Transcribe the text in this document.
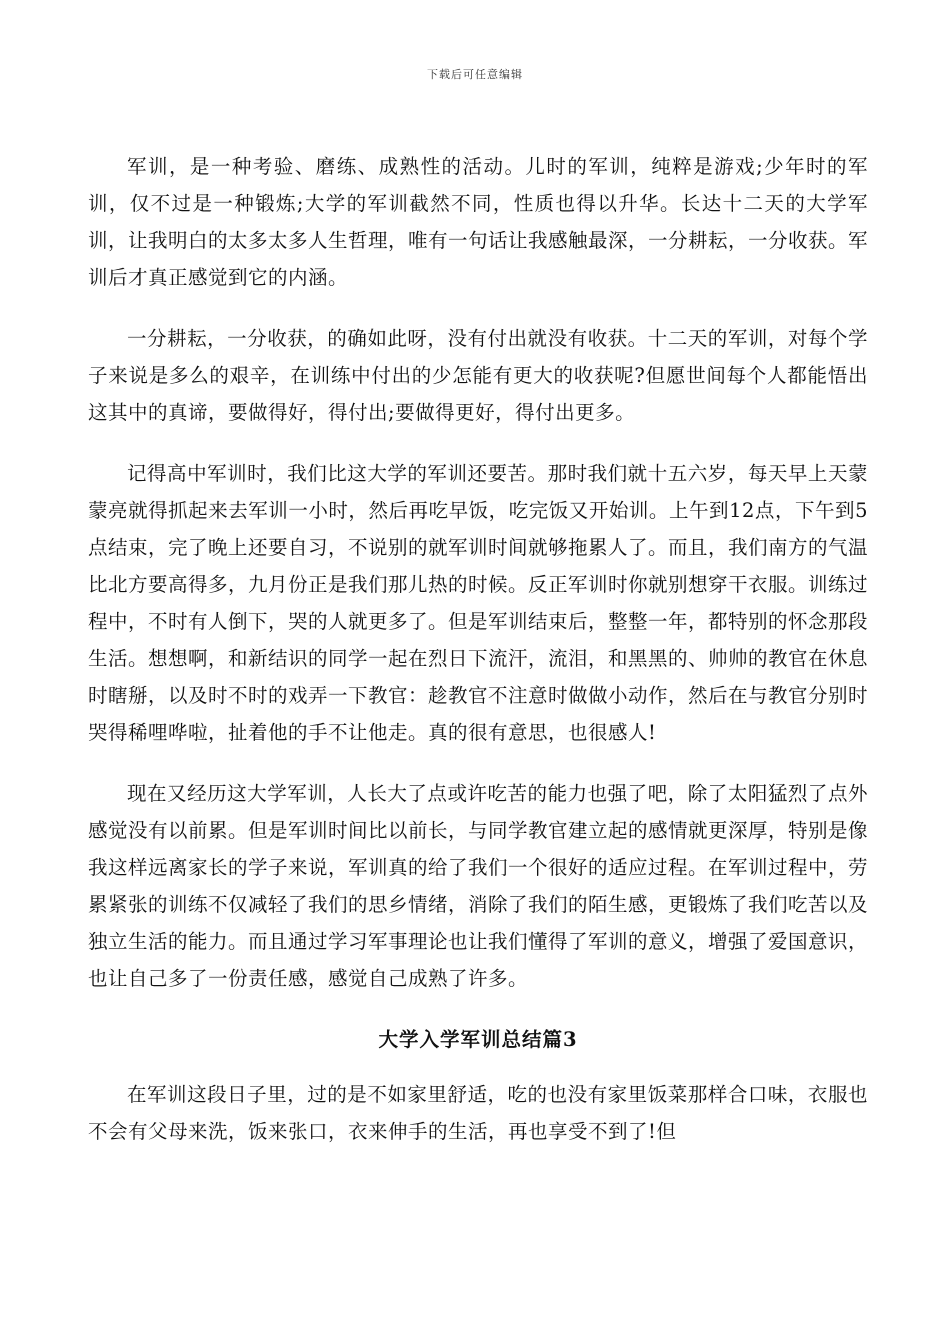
下载后可任意编辑

军训，是一种考验、磨练、成熟性的活动。儿时的军训，纯粹是游戏;少年时的军训，仅不过是一种锻炼;大学的军训截然不同，性质也得以升华。长达十二天的大学军训，让我明白的太多太多人生哲理，唯有一句话让我感触最深，一分耕耘，一分收获。军训后才真正感觉到它的内涵。

一分耕耘，一分收获，的确如此呀，没有付出就没有收获。十二天的军训，对每个学子来说是多么的艰辛，在训练中付出的少怎能有更大的收获呢?但愿世间每个人都能悟出这其中的真谛，要做得好，得付出;要做得更好，得付出更多。

记得高中军训时，我们比这大学的军训还要苦。那时我们就十五六岁，每天早上天蒙蒙亮就得抓起来去军训一小时，然后再吃早饭，吃完饭又开始训。上午到12点，下午到5点结束，完了晚上还要自习，不说别的就军训时间就够拖累人了。而且，我们南方的气温比北方要高得多，九月份正是我们那儿热的时候。反正军训时你就别想穿干衣服。训练过程中，不时有人倒下，哭的人就更多了。但是军训结束后，整整一年，都特别的怀念那段生活。想想啊，和新结识的同学一起在烈日下流汗，流泪，和黑黑的、帅帅的教官在休息时瞎掰，以及时不时的戏弄一下教官：趁教官不注意时做做小动作，然后在与教官分别时哭得稀哩哗啦，扯着他的手不让他走。真的很有意思，也很感人!

现在又经历这大学军训，人长大了点或许吃苦的能力也强了吧，除了太阳猛烈了点外感觉没有以前累。但是军训时间比以前长，与同学教官建立起的感情就更深厚，特别是像我这样远离家长的学子来说，军训真的给了我们一个很好的适应过程。在军训过程中，劳累紧张的训练不仅减轻了我们的思乡情绪，消除了我们的陌生感，更锻炼了我们吃苦以及独立生活的能力。而且通过学习军事理论也让我们懂得了军训的意义，增强了爱国意识，也让自己多了一份责任感，感觉自己成熟了许多。

大学入学军训总结篇3

在军训这段日子里，过的是不如家里舒适，吃的也没有家里饭菜那样合口味，衣服也不会有父母来洗，饭来张口，衣来伸手的生活，再也享受不到了!但
